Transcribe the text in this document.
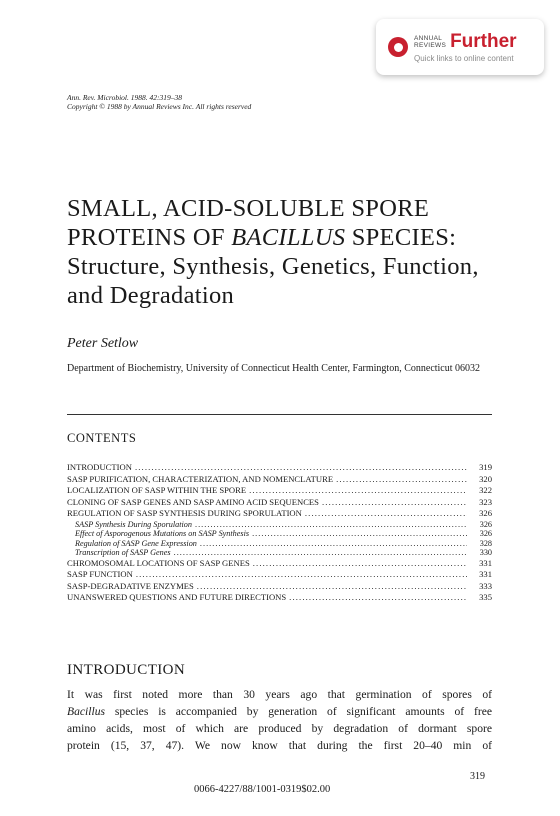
ANNUAL
REVIEWS Further
Quick links to online content
Ann. Rev. Microbiol. 1988. 42:319–38
Copyright © 1988 by Annual Reviews Inc. All rights reserved
SMALL, ACID-SOLUBLE SPORE
PROTEINS OF BACILLUS SPECIES:
Structure, Synthesis, Genetics, Function,
and Degradation
Peter Setlow
Department of Biochemistry, University of Connecticut Health Center, Farmington, Connecticut 06032
CONTENTS
INTRODUCTION . . .	319
SASP PURIFICATION, CHARACTERIZATION, AND NOMENCLATURE . . .	320
LOCALIZATION OF SASP WITHIN THE SPORE . . .	322
CLONING OF SASP GENES AND SASP AMINO ACID SEQUENCES . . .	323
REGULATION OF SASP SYNTHESIS DURING SPORULATION . . .	326
SASP Synthesis During Sporulation . . .	326
Effect of Asporogenous Mutations on SASP Synthesis . . .	326
Regulation of SASP Gene Expression . . .	328
Transcription of SASP Genes . . .	330
CHROMOSOMAL LOCATIONS OF SASP GENES . . .	331
SASP FUNCTION . . .	331
SASP-DEGRADATIVE ENZYMES . . .	333
UNANSWERED QUESTIONS AND FUTURE DIRECTIONS . . .	335
INTRODUCTION
It was first noted more than 30 years ago that germination of spores of
Bacillus species is accompanied by generation of significant amounts of free
amino acids, most of which are produced by degradation of dormant spore
protein (15, 37, 47). We now know that during the first 20–40 min of
319
0066-4227/88/1001-0319$02.00
